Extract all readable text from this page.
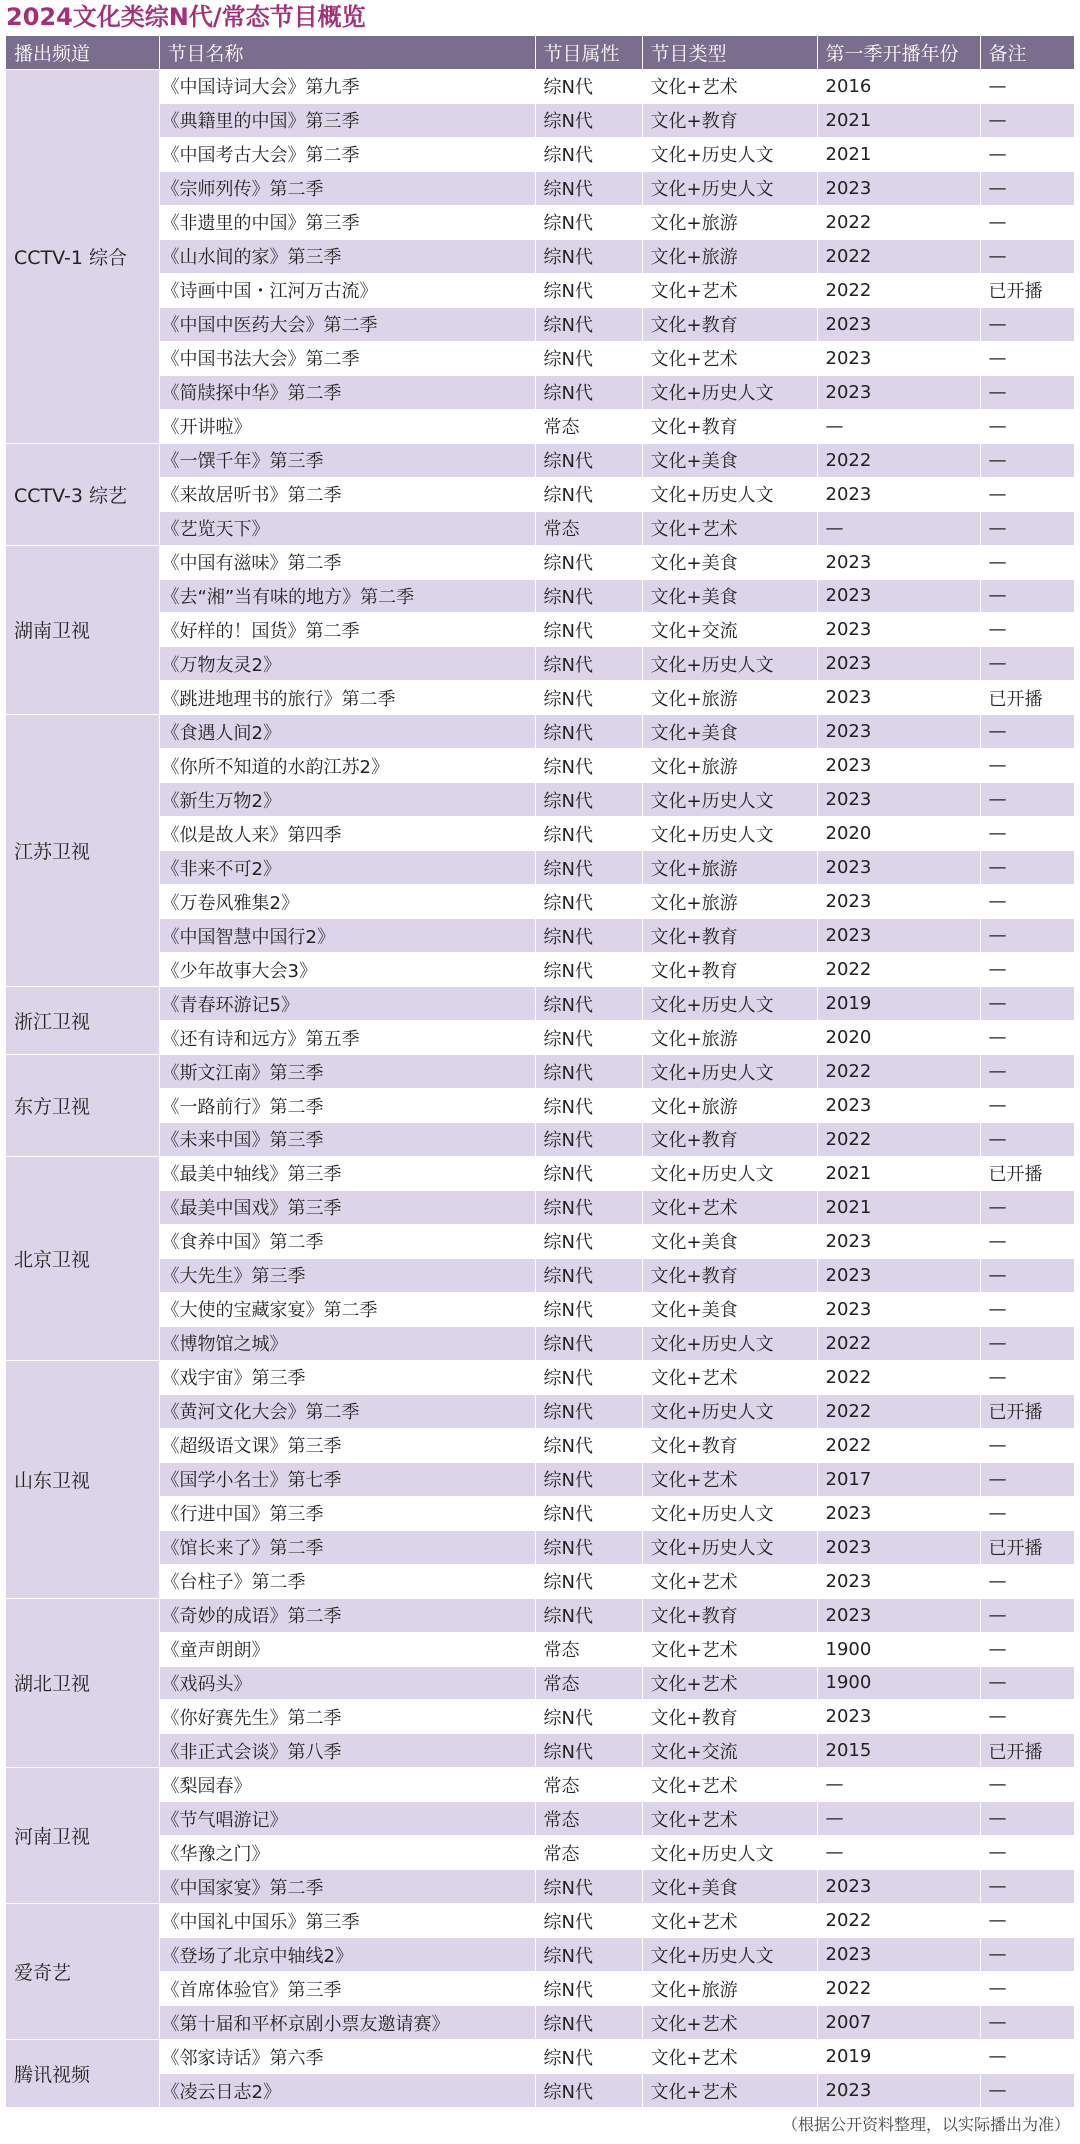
2024文化类综N代/常态节目概览
播出频道	节目名称	节目属性	节目类型	第一季开播年份	备注
CCTV-1 综合	《中国诗词大会》第九季	综N代	文化+艺术	2016	—
	《典籍里的中国》第三季	综N代	文化+教育	2021	—
	《中国考古大会》第二季	综N代	文化+历史人文	2021	—
	《宗师列传》第二季	综N代	文化+历史人文	2023	—
	《非遗里的中国》第三季	综N代	文化+旅游	2022	—
	《山水间的家》第三季	综N代	文化+旅游	2022	—
	《诗画中国・江河万古流》	综N代	文化+艺术	2022	已开播
	《中国中医药大会》第二季	综N代	文化+教育	2023	—
	《中国书法大会》第二季	综N代	文化+艺术	2023	—
	《简牍探中华》第二季	综N代	文化+历史人文	2023	—
	《开讲啦》	常态	文化+教育	—	—
CCTV-3 综艺	《一馔千年》第三季	综N代	文化+美食	2022	—
	《来故居听书》第二季	综N代	文化+历史人文	2023	—
	《艺览天下》	常态	文化+艺术	—	—
湖南卫视	《中国有滋味》第二季	综N代	文化+美食	2023	—
	《去“湘”当有味的地方》第二季	综N代	文化+美食	2023	—
	《好样的！国货》第二季	综N代	文化+交流	2023	—
	《万物友灵2》	综N代	文化+历史人文	2023	—
	《跳进地理书的旅行》第二季	综N代	文化+旅游	2023	已开播
江苏卫视	《食遇人间2》	综N代	文化+美食	2023	—
	《你所不知道的水韵江苏2》	综N代	文化+旅游	2023	—
	《新生万物2》	综N代	文化+历史人文	2023	—
	《似是故人来》第四季	综N代	文化+历史人文	2020	—
	《非来不可2》	综N代	文化+旅游	2023	—
	《万卷风雅集2》	综N代	文化+旅游	2023	—
	《中国智慧中国行2》	综N代	文化+教育	2023	—
	《少年故事大会3》	综N代	文化+教育	2022	—
浙江卫视	《青春环游记5》	综N代	文化+历史人文	2019	—
	《还有诗和远方》第五季	综N代	文化+旅游	2020	—
东方卫视	《斯文江南》第三季	综N代	文化+历史人文	2022	—
	《一路前行》第二季	综N代	文化+旅游	2023	—
	《未来中国》第三季	综N代	文化+教育	2022	—
北京卫视	《最美中轴线》第三季	综N代	文化+历史人文	2021	已开播
	《最美中国戏》第三季	综N代	文化+艺术	2021	—
	《食养中国》第二季	综N代	文化+美食	2023	—
	《大先生》第三季	综N代	文化+教育	2023	—
	《大使的宝藏家宴》第二季	综N代	文化+美食	2023	—
	《博物馆之城》	综N代	文化+历史人文	2022	—
山东卫视	《戏宇宙》第三季	综N代	文化+艺术	2022	—
	《黄河文化大会》第二季	综N代	文化+历史人文	2022	已开播
	《超级语文课》第三季	综N代	文化+教育	2022	—
	《国学小名士》第七季	综N代	文化+艺术	2017	—
	《行进中国》第三季	综N代	文化+历史人文	2023	—
	《馆长来了》第二季	综N代	文化+历史人文	2023	已开播
	《台柱子》第二季	综N代	文化+艺术	2023	—
湖北卫视	《奇妙的成语》第二季	综N代	文化+教育	2023	—
	《童声朗朗》	常态	文化+艺术	1900	—
	《戏码头》	常态	文化+艺术	1900	—
	《你好赛先生》第二季	综N代	文化+教育	2023	—
	《非正式会谈》第八季	综N代	文化+交流	2015	已开播
河南卫视	《梨园春》	常态	文化+艺术	—	—
	《节气唱游记》	常态	文化+艺术	—	—
	《华豫之门》	常态	文化+历史人文	—	—
	《中国家宴》第二季	综N代	文化+美食	2023	—
爱奇艺	《中国礼中国乐》第三季	综N代	文化+艺术	2022	—
	《登场了北京中轴线2》	综N代	文化+历史人文	2023	—
	《首席体验官》第三季	综N代	文化+旅游	2022	—
	《第十届和平杯京剧小票友邀请赛》	综N代	文化+艺术	2007	—
腾讯视频	《邻家诗话》第六季	综N代	文化+艺术	2019	—
	《凌云日志2》	综N代	文化+艺术	2023	—
（根据公开资料整理，以实际播出为准）
